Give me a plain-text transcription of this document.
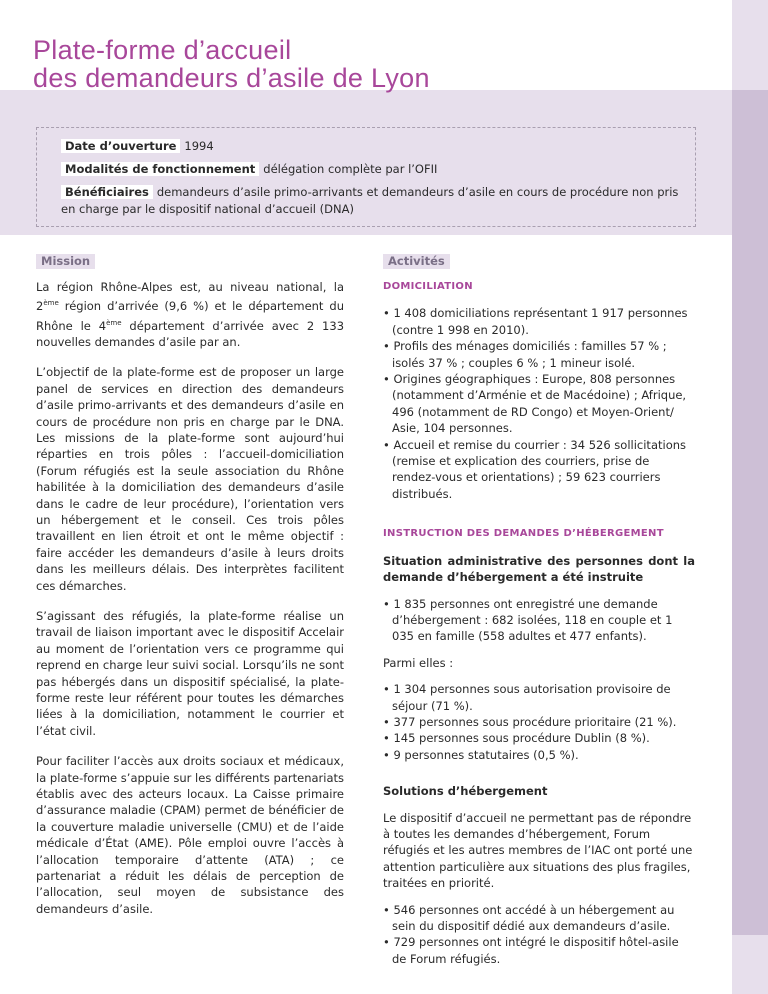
Plate-forme d’accueil
des demandeurs d’asile de Lyon
Date d’ouverture 1994
Modalités de fonctionnement délégation complète par l’OFII
Bénéficiaires demandeurs d’asile primo-arrivants et demandeurs d’asile en cours de procédure non pris en charge par le dispositif national d’accueil (DNA)
Mission

La région Rhône-Alpes est, au niveau national, la 2ème région d’arrivée (9,6 %) et le département du Rhône le 4ème département d’arrivée avec 2 133 nouvelles demandes d’asile par an.

L’objectif de la plate-forme est de proposer un large panel de services en direction des demandeurs d’asile primo-arrivants et des demandeurs d’asile en cours de procédure non pris en charge par le DNA. Les missions de la plate-forme sont aujourd’hui réparties en trois pôles : l’accueil-domiciliation (Forum réfugiés est la seule association du Rhône habilitée à la domiciliation des demandeurs d’asile dans le cadre de leur procédure), l’orientation vers un hébergement et le conseil. Ces trois pôles travaillent en lien étroit et ont le même objectif : faire accéder les demandeurs d’asile à leurs droits dans les meilleurs délais. Des interprètes facilitent ces démarches.

S’agissant des réfugiés, la plate-forme réalise un travail de liaison important avec le dispositif Accelair au moment de l’orientation vers ce programme qui reprend en charge leur suivi social. Lorsqu’ils ne sont pas hébergés dans un dispositif spécialisé, la plate-forme reste leur référent pour toutes les démarches liées à la domiciliation, notamment le courrier et l’état civil.

Pour faciliter l’accès aux droits sociaux et médicaux, la plate-forme s’appuie sur les différents partenariats établis avec des acteurs locaux. La Caisse primaire d’assurance maladie (CPAM) permet de bénéficier de la couverture maladie universelle (CMU) et de l’aide médicale d’État (AME). Pôle emploi ouvre l’accès à l’allocation temporaire d’attente (ATA) ; ce partenariat a réduit les délais de perception de l’allocation, seul moyen de subsistance des demandeurs d’asile.

Activités
DOMICILIATION
• 1 408 domiciliations représentant 1 917 personnes (contre 1 998 en 2010).
• Profils des ménages domiciliés : familles 57 % ; isolés 37 % ; couples 6 % ; 1 mineur isolé.
• Origines géographiques : Europe, 808 personnes (notamment d’Arménie et de Macédoine) ; Afrique, 496 (notamment de RD Congo) et Moyen-Orient/ Asie, 104 personnes.
• Accueil et remise du courrier : 34 526 sollicitations (remise et explication des courriers, prise de rendez-vous et orientations) ; 59 623 courriers distribués.
INSTRUCTION DES DEMANDES D’HÉBERGEMENT
Situation administrative des personnes dont la demande d’hébergement a été instruite
• 1 835 personnes ont enregistré une demande d’hébergement : 682 isolées, 118 en couple et 1 035 en famille (558 adultes et 477 enfants).
Parmi elles :
• 1 304 personnes sous autorisation provisoire de séjour (71 %).
• 377 personnes sous procédure prioritaire (21 %).
• 145 personnes sous procédure Dublin (8 %).
• 9 personnes statutaires (0,5 %).
Solutions d’hébergement
Le dispositif d’accueil ne permettant pas de répondre à toutes les demandes d’hébergement, Forum réfugiés et les autres membres de l’IAC ont porté une attention particulière aux situations des plus fragiles, traitées en priorité.
• 546 personnes ont accédé à un hébergement au sein du dispositif dédié aux demandeurs d’asile.
• 729 personnes ont intégré le dispositif hôtel-asile de Forum réfugiés.
